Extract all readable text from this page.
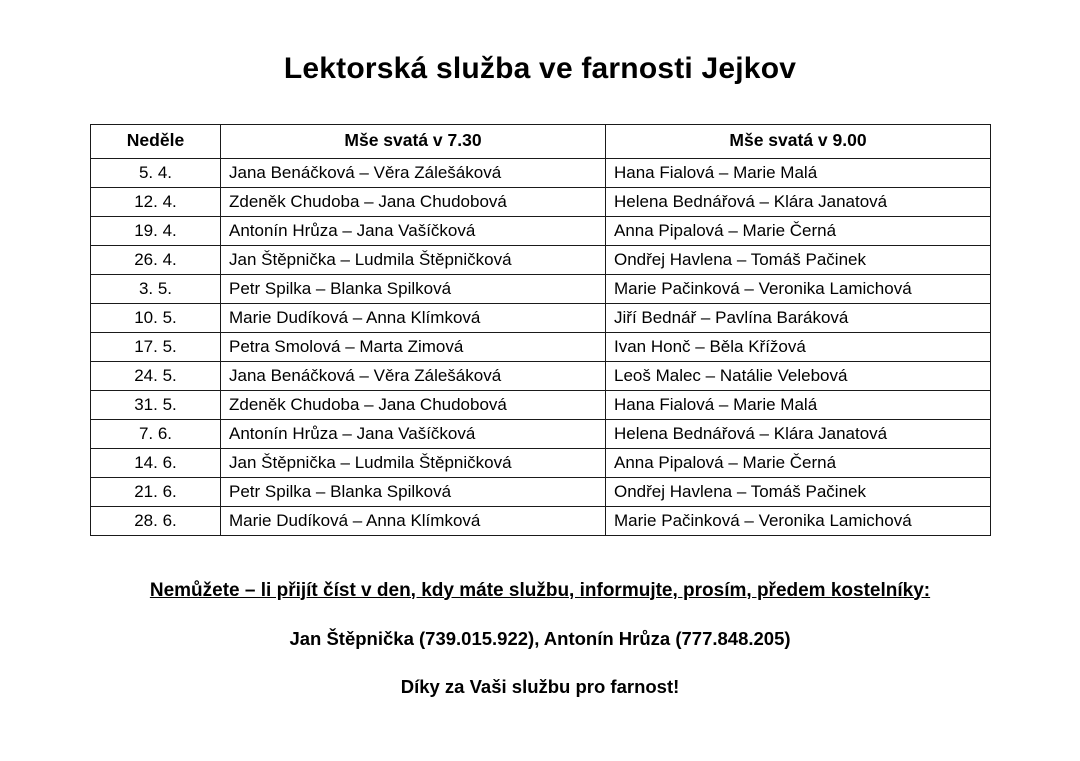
Lektorská služba ve farnosti Jejkov
Neděle	Mše svatá v 7.30	Mše svatá v 9.00
5. 4.	Jana Benáčková – Věra Zálešáková	Hana Fialová – Marie Malá
12. 4.	Zdeněk Chudoba – Jana Chudobová	Helena Bednářová – Klára Janatová
19. 4.	Antonín Hrůza – Jana Vašíčková	Anna Pipalová – Marie Černá
26. 4.	Jan Štěpnička – Ludmila Štěpničková	Ondřej Havlena – Tomáš Pačinek
3. 5.	Petr Spilka – Blanka Spilková	Marie Pačinková – Veronika Lamichová
10. 5.	Marie Dudíková – Anna Klímková	Jiří Bednář – Pavlína Baráková
17. 5.	Petra Smolová – Marta Zimová	Ivan Honč – Běla Křížová
24. 5.	Jana Benáčková – Věra Zálešáková	Leoš Malec – Natálie Velebová
31. 5.	Zdeněk Chudoba – Jana Chudobová	Hana Fialová – Marie Malá
7. 6.	Antonín Hrůza – Jana Vašíčková	Helena Bednářová – Klára Janatová
14. 6.	Jan Štěpnička – Ludmila Štěpničková	Anna Pipalová – Marie Černá
21. 6.	Petr Spilka – Blanka Spilková	Ondřej Havlena – Tomáš Pačinek
28. 6.	Marie Dudíková – Anna Klímková	Marie Pačinková – Veronika Lamichová

Nemůžete – li přijít číst v den, kdy máte službu, informujte, prosím, předem kostelníky:

Jan Štěpnička (739.015.922), Antonín Hrůza (777.848.205)

Díky za Vaši službu pro farnost!
